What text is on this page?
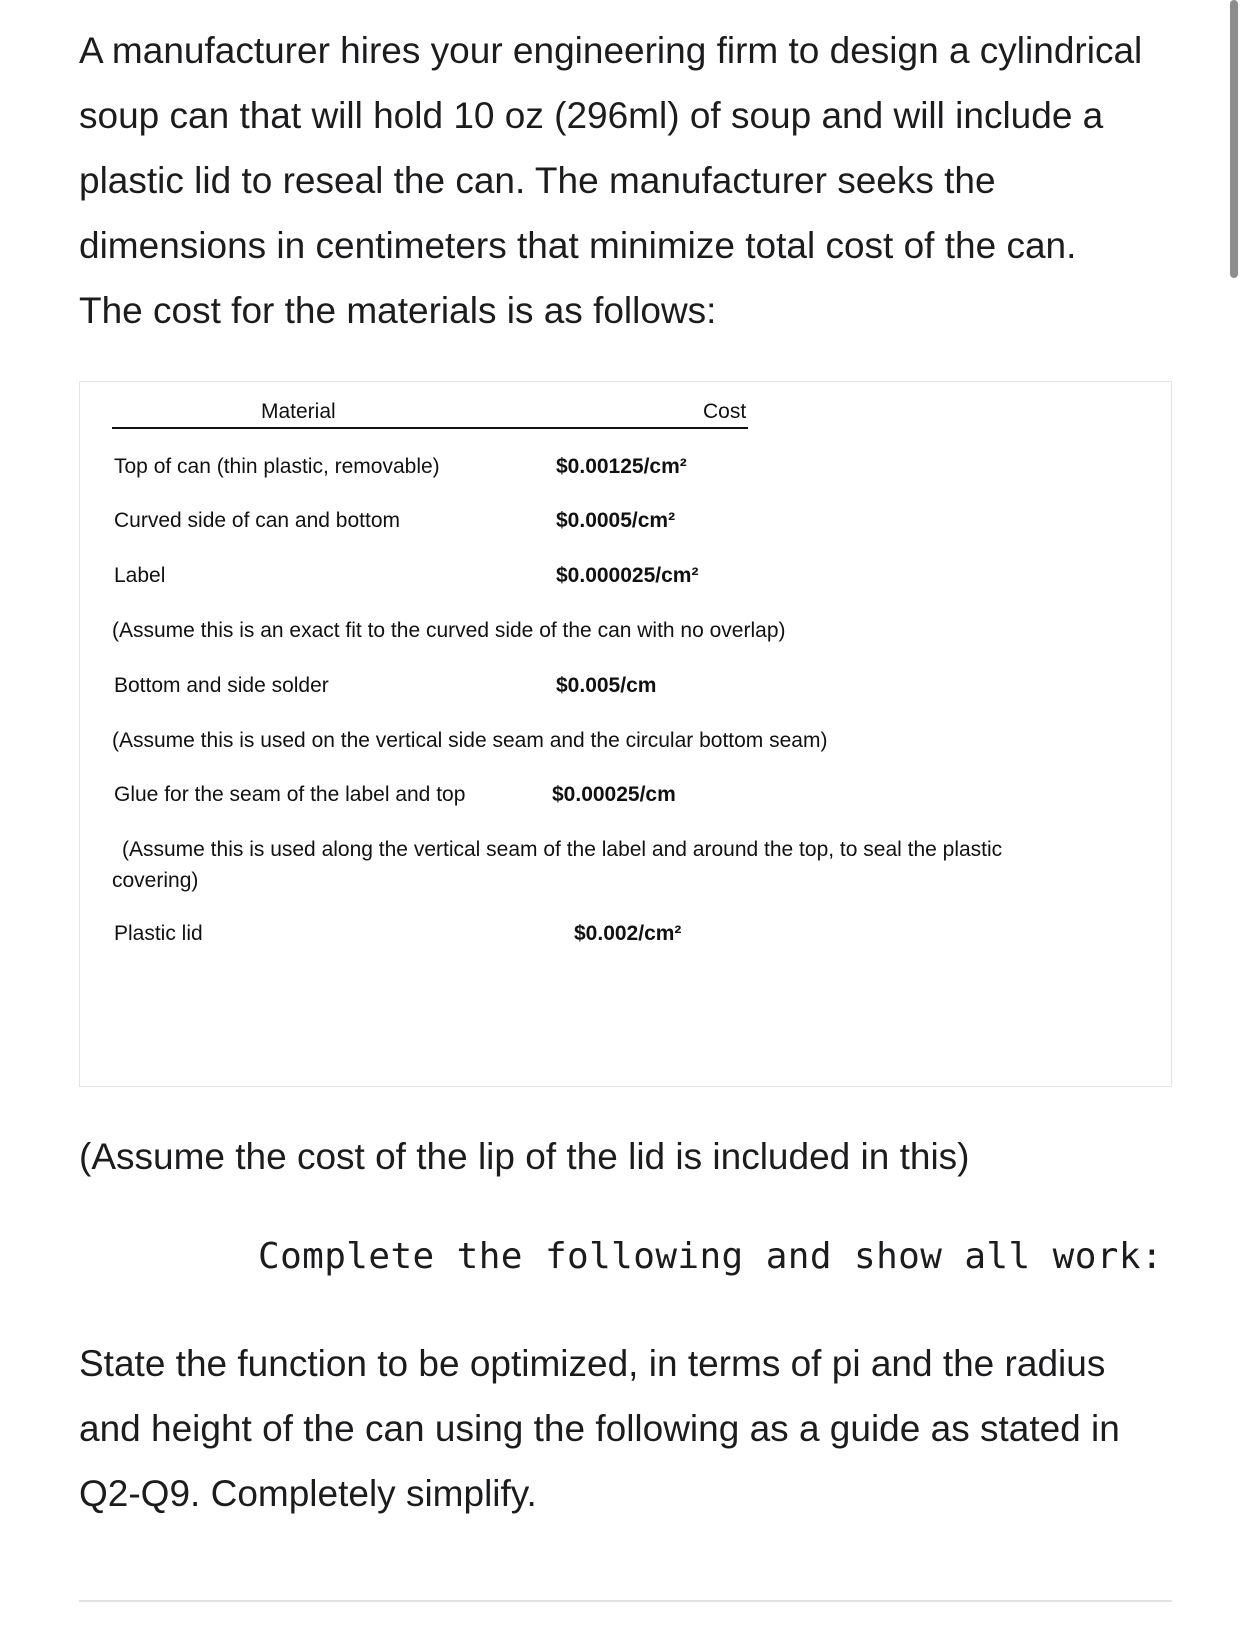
A manufacturer hires your engineering firm to design a cylindrical
soup can that will hold 10 oz (296ml) of soup and will include a
plastic lid to reseal the can. The manufacturer seeks the
dimensions in centimeters that minimize total cost of the can.
The cost for the materials is as follows:
Material	Cost
Top of can (thin plastic, removable)	$0.00125/cm²
Curved side of can and bottom	$0.0005/cm²
Label	$0.000025/cm²
(Assume this is an exact fit to the curved side of the can with no overlap)
Bottom and side solder	$0.005/cm
(Assume this is used on the vertical side seam and the circular bottom seam)
Glue for the seam of the label and top	$0.00025/cm
(Assume this is used along the vertical seam of the label and around the top, to seal the plastic
covering)
Plastic lid	$0.002/cm²
(Assume the cost of the lip of the lid is included in this)
Complete the following and show all work:
State the function to be optimized, in terms of pi and the radius
and height of the can using the following as a guide as stated in
Q2-Q9. Completely simplify.
